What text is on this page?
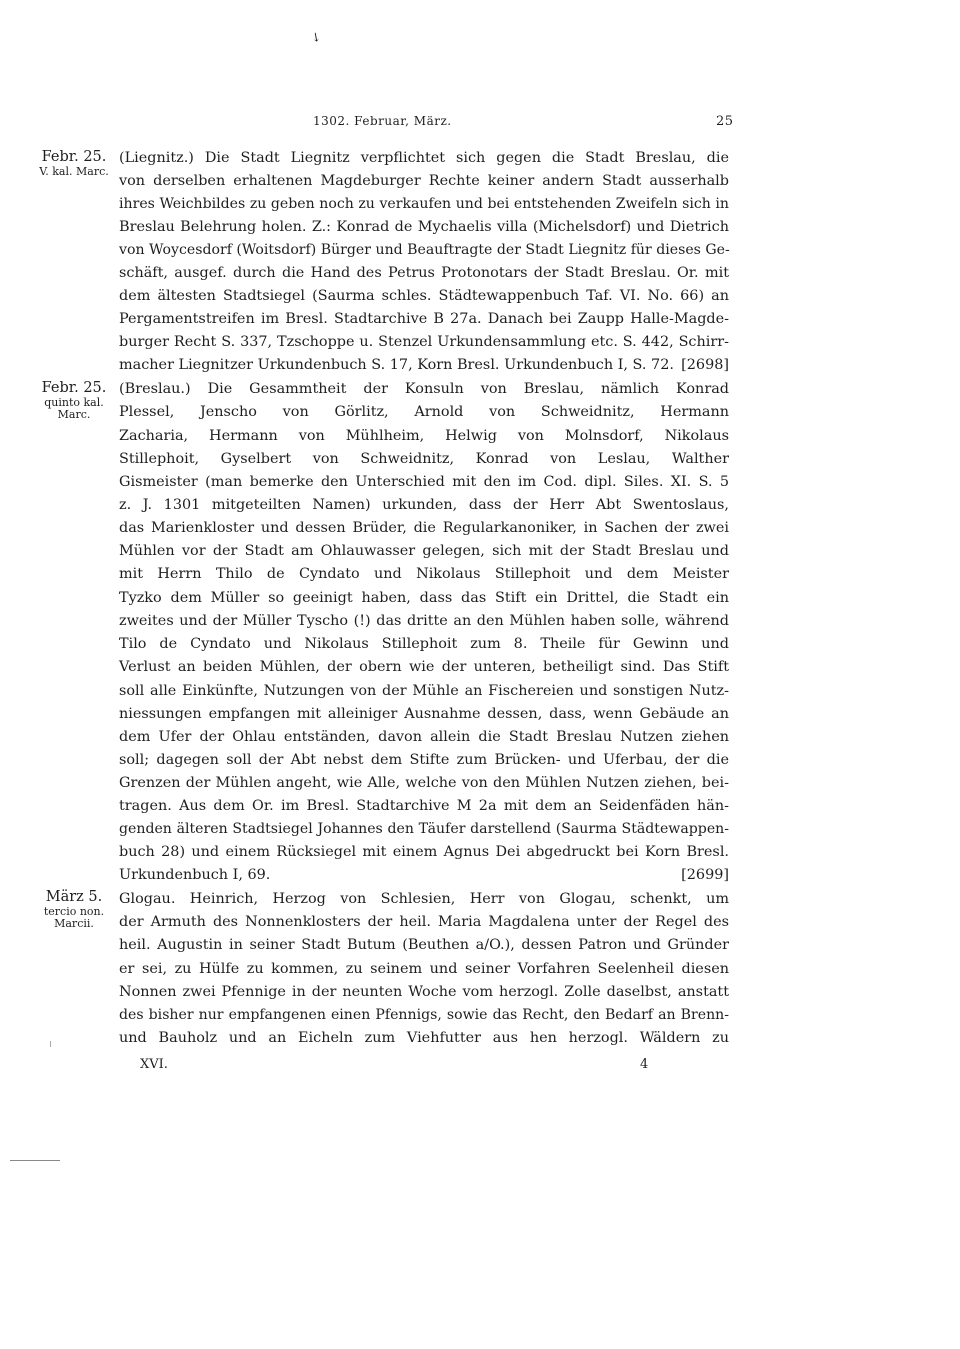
↘
1302. Februar, März.	25
Febr. 25.
V. kal. Marc.
Febr. 25.
quinto kal. Marc.
März 5.
tercio non. Marcii.
(Liegnitz.) Die Stadt Liegnitz verpflichtet sich gegen die Stadt Breslau, die
von derselben erhaltenen Magdeburger Rechte keiner andern Stadt ausserhalb
ihres Weichbildes zu geben noch zu verkaufen und bei entstehenden Zweifeln sich in
Breslau Belehrung holen. Z.: Konrad de Mychaelis villa (Michelsdorf) und Dietrich
von Woycesdorf (Woitsdorf) Bürger und Beauftragte der Stadt Liegnitz für dieses Ge-
schäft, ausgef. durch die Hand des Petrus Protonotars der Stadt Breslau. Or. mit
dem ältesten Stadtsiegel (Saurma schles. Städtewappenbuch Taf. VI. No. 66) an
Pergamentstreifen im Bresl. Stadtarchive B 27a. Danach bei Zaupp Halle-Magde-
burger Recht S. 337, Tzschoppe u. Stenzel Urkundensammlung etc. S. 442, Schirr-
macher Liegnitzer Urkundenbuch S. 17, Korn Bresl. Urkundenbuch I, S. 72. [2698]
(Breslau.) Die Gesammtheit der Konsuln von Breslau, nämlich Konrad
Plessel, Jenscho von Görlitz, Arnold von Schweidnitz, Hermann
Zacharia, Hermann von Mühlheim, Helwig von Molnsdorf, Nikolaus
Stillephoit, Gyselbert von Schweidnitz, Konrad von Leslau, Walther
Gismeister (man bemerke den Unterschied mit den im Cod. dipl. Siles. XI. S. 5
z. J. 1301 mitgeteilten Namen) urkunden, dass der Herr Abt Swentoslaus,
das Marienkloster und dessen Brüder, die Regularkanoniker, in Sachen der zwei
Mühlen vor der Stadt am Ohlauwasser gelegen, sich mit der Stadt Breslau und
mit Herrn Thilo de Cyndato und Nikolaus Stillephoit und dem Meister
Tyzko dem Müller so geeinigt haben, dass das Stift ein Drittel, die Stadt ein
zweites und der Müller Tyscho (!) das dritte an den Mühlen haben solle, während
Tilo de Cyndato und Nikolaus Stillephoit zum 8. Theile für Gewinn und
Verlust an beiden Mühlen, der obern wie der unteren, betheiligt sind. Das Stift
soll alle Einkünfte, Nutzungen von der Mühle an Fischereien und sonstigen Nutz-
niessungen empfangen mit alleiniger Ausnahme dessen, dass, wenn Gebäude an
dem Ufer der Ohlau entständen, davon allein die Stadt Breslau Nutzen ziehen
soll; dagegen soll der Abt nebst dem Stifte zum Brücken- und Uferbau, der die
Grenzen der Mühlen angeht, wie Alle, welche von den Mühlen Nutzen ziehen, bei-
tragen. Aus dem Or. im Bresl. Stadtarchive M 2a mit dem an Seidenfäden hän-
genden älteren Stadtsiegel Johannes den Täufer darstellend (Saurma Städtewappen-
buch 28) und einem Rücksiegel mit einem Agnus Dei abgedruckt bei Korn Bresl.
Urkundenbuch I, 69.	[2699]
Glogau. Heinrich, Herzog von Schlesien, Herr von Glogau, schenkt, um
der Armuth des Nonnenklosters der heil. Maria Magdalena unter der Regel des
heil. Augustin in seiner Stadt Butum (Beuthen a/O.), dessen Patron und Gründer
er sei, zu Hülfe zu kommen, zu seinem und seiner Vorfahren Seelenheil diesen
Nonnen zwei Pfennige in der neunten Woche vom herzogl. Zolle daselbst, anstatt
des bisher nur empfangenen einen Pfennigs, sowie das Recht, den Bedarf an Brenn-
und Bauholz und an Eicheln zum Viehfutter aus hen herzogl. Wäldern zu
XVI.	4
